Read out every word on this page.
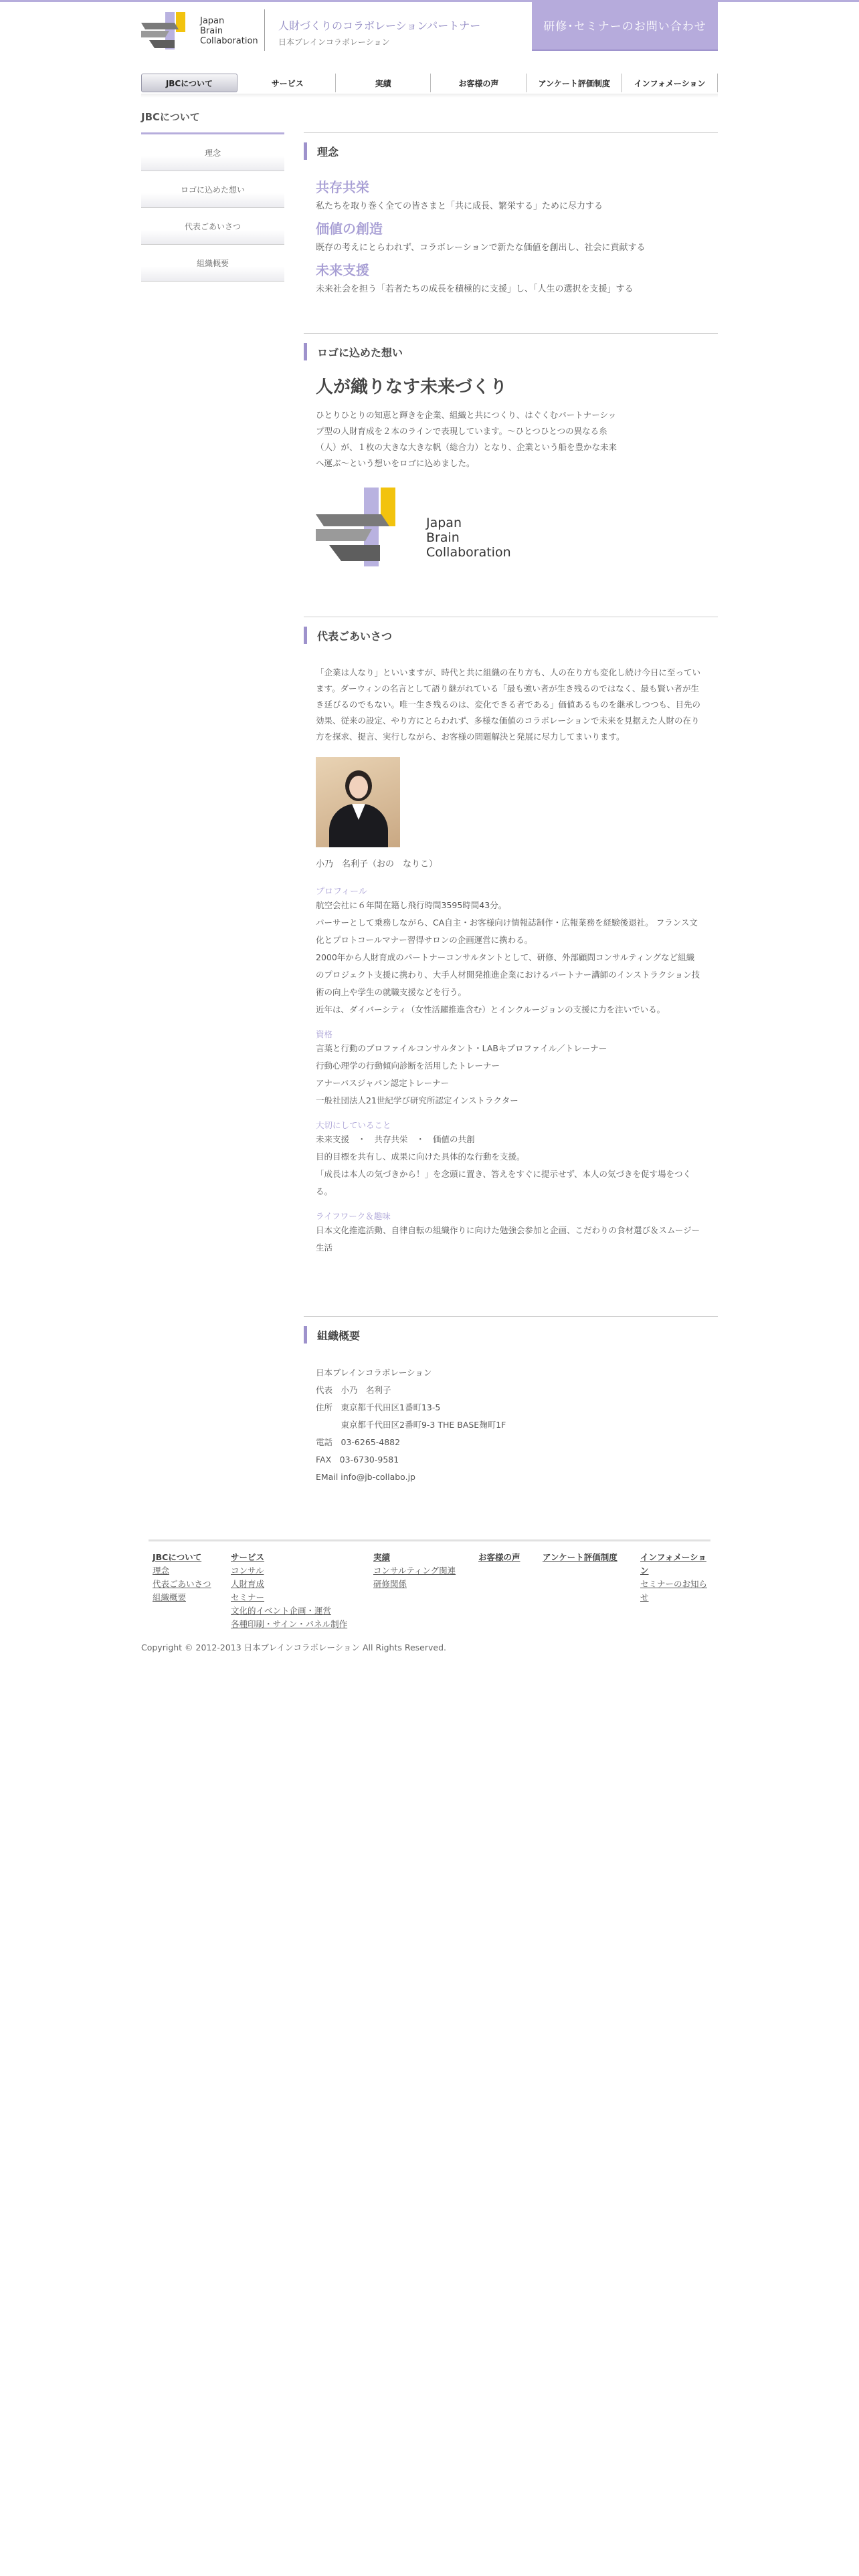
Japan
Brain
Collaboration
人財づくりのコラボレーションパートナー
日本ブレインコラボレーション
研修･セミナーのお問い合わせ
JBCについて	サービス	実績	お客様の声	アンケート評価制度	インフォメーション
JBCについて
理念
ロゴに込めた想い
代表ごあいさつ
組織概要
理念
共存共栄
私たちを取り巻く全ての皆さまと「共に成長、繁栄する」ために尽力する
価値の創造
既存の考えにとらわれず、コラボレーションで新たな価値を創出し、社会に貢献する
未来支援
未来社会を担う「若者たちの成長を積極的に支援」し、「人生の選択を支援」する
ロゴに込めた想い
人が織りなす未来づくり
ひとりひとりの知恵と輝きを企業、組織と共につくり、はぐくむパートナーシッ
プ型の人財育成を２本のラインで表現しています。～ひとつひとつの異なる糸
（人）が、１枚の大きな大きな帆（総合力）となり、企業という船を豊かな未来
へ運ぶ～という想いをロゴに込めました。
Japan
Brain
Collaboration
代表ごあいさつ
「企業は人なり」といいますが、時代と共に組織の在り方も、人の在り方も変化し続け今日に至ってい
ます。ダーウィンの名言として語り継がれている「最も強い者が生き残るのではなく、最も賢い者が生
き延びるのでもない。唯一生き残るのは、変化できる者である」価値あるものを継承しつつも、目先の
効果、従来の設定、やり方にとらわれず、多様な価値のコラボレーションで未来を見据えた人財の在り
方を探求、提言、実行しながら、お客様の問題解決と発展に尽力してまいります。
小乃　名利子（おの　なりこ）
プロフィール
航空会社に６年間在籍し飛行時間3595時間43分。
パーサーとして乗務しながら、CA自主・お客様向け情報誌制作・広報業務を経験後退社。 フランス文
化とプロトコールマナー習得サロンの企画運営に携わる。
2000年から人財育成のパートナーコンサルタントとして、研修、外部顧問コンサルティングなど組織
のプロジェクト支援に携わり、大手人材開発推進企業におけるパートナー講師のインストラクション技
術の向上や学生の就職支援などを行う。
近年は、ダイバーシティ（女性活躍推進含む）とインクルージョンの支援に力を注いでいる。
資格
言葉と行動のプロファイルコンサルタント・LABキプロファイル／トレーナー
行動心理学の行動傾向診断を活用したトレーナー
アナーバスジャパン認定トレーナー
一般社団法人21世紀学び研究所認定インストラクター
大切にしていること
未来支援　・　共存共栄　・　価値の共創
目的目標を共有し、成果に向けた具体的な行動を支援。
「成長は本人の気づきから！」を念頭に置き、答えをすぐに提示せず、本人の気づきを促す場をつく
る。
ライフワーク＆趣味
日本文化推進活動、自律自転の組織作りに向けた勉強会参加と企画、こだわりの食材選び＆スムージー
生活
組織概要
日本ブレインコラボレーション
代表　小乃　名利子
住所　東京都千代田区1番町13-5
　　　東京都千代田区2番町9-3 THE BASE麹町1F
電話　03-6265-4882
FAX　03-6730-9581
EMail info@jb-collabo.jp
JBCについて
理念
代表ごあいさつ
組織概要
サービス
コンサル
人財育成
セミナー
文化的イベント企画・運営
各種印刷・サイン・パネル制作
実績
コンサルティング関連
研修関係
お客様の声	アンケート評価制度	インフォメーション
セミナーのお知らせ
Copyright © 2012-2013 日本ブレインコラボレーション All Rights Reserved.
